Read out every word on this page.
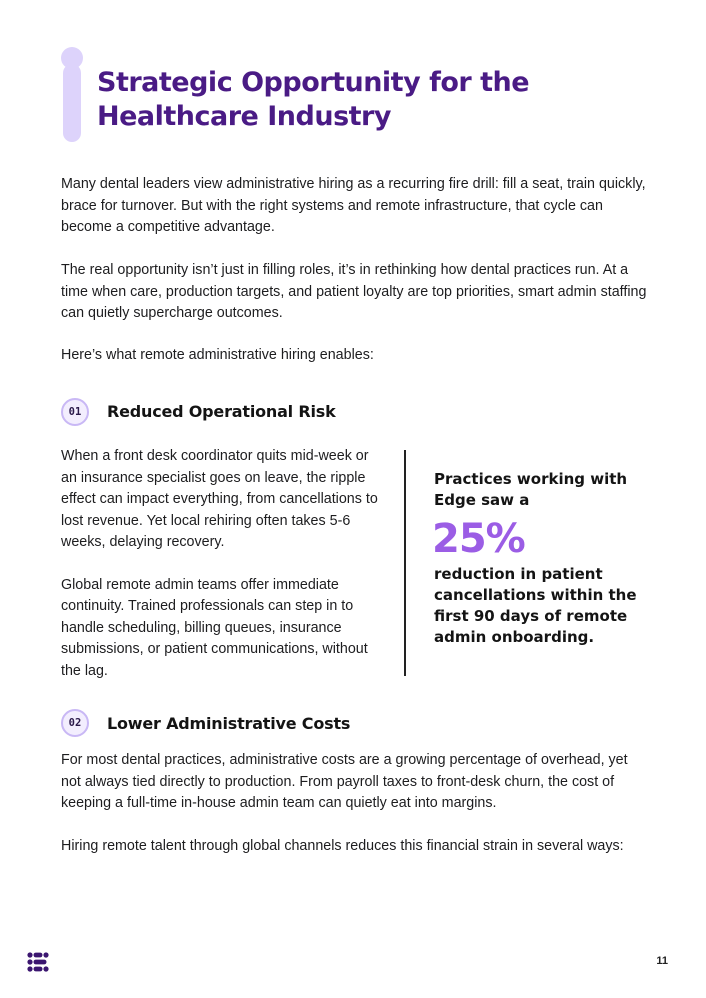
Strategic Opportunity for the Healthcare Industry

Many dental leaders view administrative hiring as a recurring fire drill: fill a seat, train quickly, brace for turnover. But with the right systems and remote infrastructure, that cycle can become a competitive advantage.

The real opportunity isn’t just in filling roles, it’s in rethinking how dental practices run. At a time when care, production targets, and patient loyalty are top priorities, smart admin staffing can quietly supercharge outcomes.

Here’s what remote administrative hiring enables:

01	Reduced Operational Risk

When a front desk coordinator quits mid-week or an insurance specialist goes on leave, the ripple effect can impact everything, from cancellations to lost revenue. Yet local rehiring often takes 5-6 weeks, delaying recovery.

Global remote admin teams offer immediate continuity. Trained professionals can step in to handle scheduling, billing queues, insurance submissions, or patient communications, without the lag.

Practices working with Edge saw a

25%

reduction in patient cancellations within the first 90 days of remote admin onboarding.

02	Lower Administrative Costs

For most dental practices, administrative costs are a growing percentage of overhead, yet not always tied directly to production. From payroll taxes to front-desk churn, the cost of keeping a full-time in-house admin team can quietly eat into margins.

Hiring remote talent through global channels reduces this financial strain in several ways:

11
